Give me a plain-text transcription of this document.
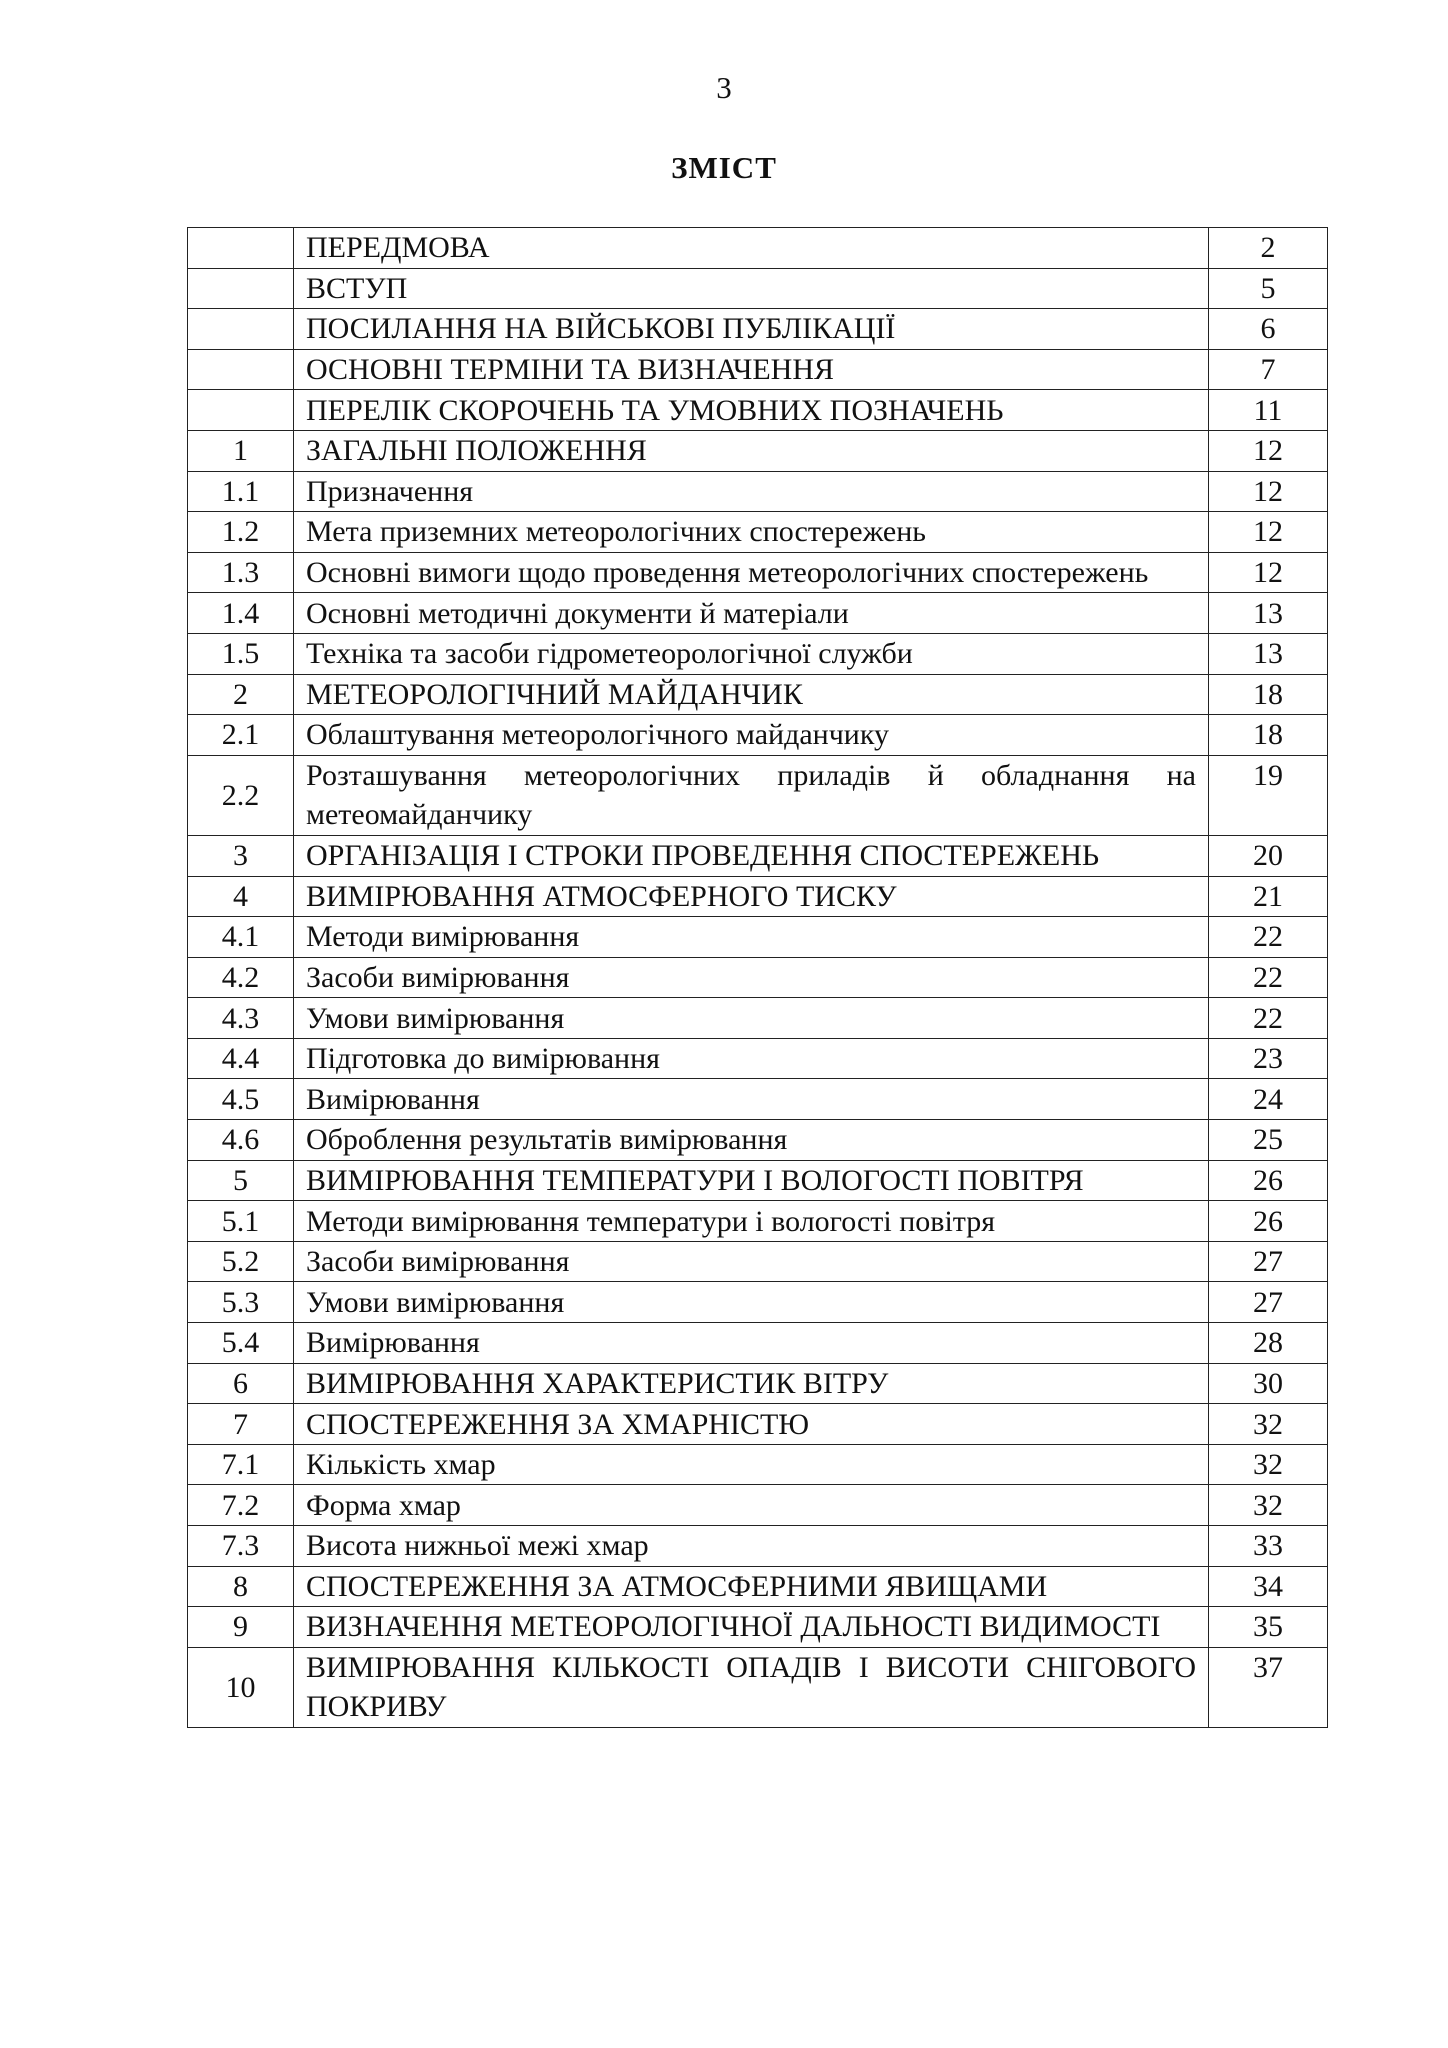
3
ЗМІСТ
	ПЕРЕДМОВА	2
	ВСТУП	5
	ПОСИЛАННЯ НА ВІЙСЬКОВІ ПУБЛІКАЦІЇ	6
	ОСНОВНІ ТЕРМІНИ ТА ВИЗНАЧЕННЯ	7
	ПЕРЕЛІК СКОРОЧЕНЬ ТА УМОВНИХ ПОЗНАЧЕНЬ	11
1	ЗАГАЛЬНІ ПОЛОЖЕННЯ	12
1.1	Призначення	12
1.2	Мета приземних метеорологічних спостережень	12
1.3	Основні вимоги щодо проведення метеорологічних спостережень	12
1.4	Основні методичні документи й матеріали	13
1.5	Техніка та засоби гідрометеорологічної служби	13
2	МЕТЕОРОЛОГІЧНИЙ МАЙДАНЧИК	18
2.1	Облаштування метеорологічного майданчику	18
2.2	Розташування метеорологічних приладів й обладнання на метеомайданчику	19
3	ОРГАНІЗАЦІЯ І СТРОКИ ПРОВЕДЕННЯ СПОСТЕРЕЖЕНЬ	20
4	ВИМІРЮВАННЯ АТМОСФЕРНОГО ТИСКУ	21
4.1	Методи вимірювання	22
4.2	Засоби вимірювання	22
4.3	Умови вимірювання	22
4.4	Підготовка до вимірювання	23
4.5	Вимірювання	24
4.6	Оброблення результатів вимірювання	25
5	ВИМІРЮВАННЯ ТЕМПЕРАТУРИ І ВОЛОГОСТІ ПОВІТРЯ	26
5.1	Методи вимірювання температури і вологості повітря	26
5.2	Засоби вимірювання	27
5.3	Умови вимірювання	27
5.4	Вимірювання	28
6	ВИМІРЮВАННЯ ХАРАКТЕРИСТИК ВІТРУ	30
7	СПОСТЕРЕЖЕННЯ ЗА ХМАРНІСТЮ	32
7.1	Кількість хмар	32
7.2	Форма хмар	32
7.3	Висота нижньої межі хмар	33
8	СПОСТЕРЕЖЕННЯ ЗА АТМОСФЕРНИМИ ЯВИЩАМИ	34
9	ВИЗНАЧЕННЯ МЕТЕОРОЛОГІЧНОЇ ДАЛЬНОСТІ ВИДИМОСТІ	35
10	ВИМІРЮВАННЯ КІЛЬКОСТІ ОПАДІВ І ВИСОТИ СНІГОВОГО ПОКРИВУ	37
